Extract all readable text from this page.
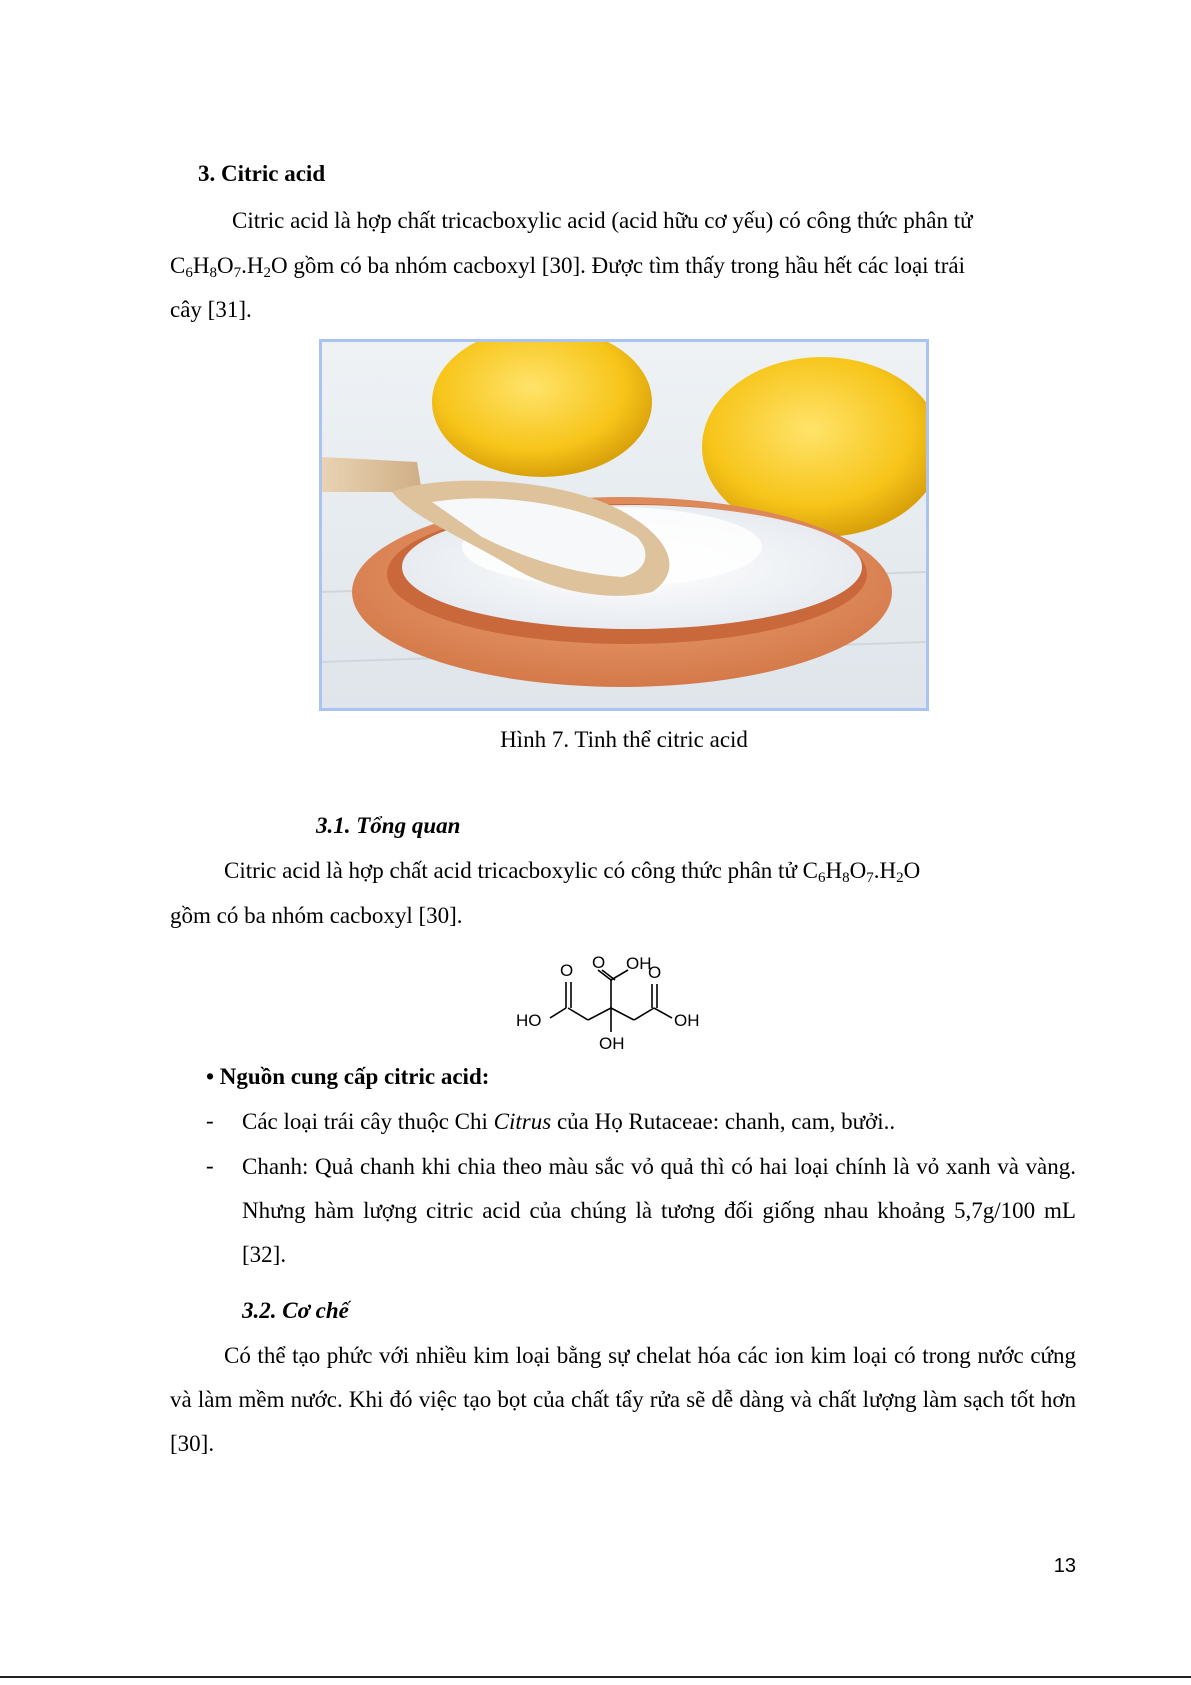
3. Citric acid
Citric acid là hợp chất tricacboxylic acid (acid hữu cơ yếu) có công thức phân tử
$C_6H_8O_7.H_2O$ gồm có ba nhóm cacboxyl [30]. Được tìm thấy trong hầu hết các loại trái
cây [31].
Hình 7. Tinh thể citric acid
3.1. Tổng quan
Citric acid là hợp chất acid tricacboxylic có công thức phân tử $C_6H_8O_7.H_2O$
gồm có ba nhóm cacboxyl [30].
O	OH
O
O
HO	OH
OH
• Nguồn cung cấp citric acid:
- Các loại trái cây thuộc Chi Citrus của Họ Rutaceae: chanh, cam, bưởi..
- Chanh: Quả chanh khi chia theo màu sắc vỏ quả thì có hai loại chính là vỏ xanh và vàng. Nhưng hàm lượng citric acid của chúng là tương đối giống nhau khoảng 5,7g/100 mL [32].
3.2. Cơ chế
Có thể tạo phức với nhiều kim loại bằng sự chelat hóa các ion kim loại có trong nước cứng và làm mềm nước. Khi đó việc tạo bọt của chất tẩy rửa sẽ dễ dàng và chất lượng làm sạch tốt hơn [30].
13
